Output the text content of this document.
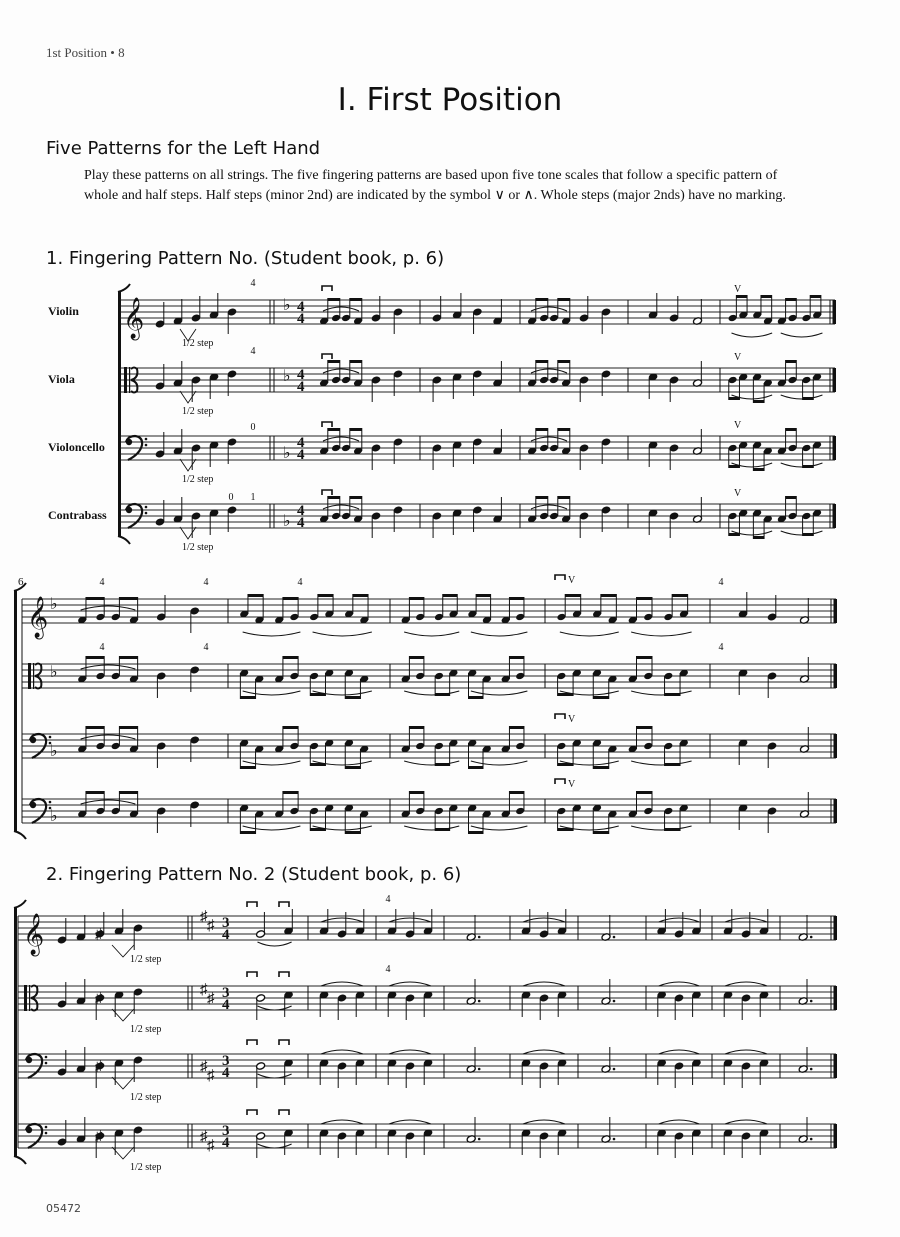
1st Position • 8
I. First Position
Five Patterns for the Left Hand
Play these patterns on all strings. The five fingering patterns are based upon five tone scales that follow a specific pattern of whole and half steps. Half steps (minor 2nd) are indicated by the symbol ∨ or ∧. Whole steps (major 2nds) have no marking.
1. Fingering Pattern No. (Student book, p. 6)
2. Fingering Pattern No. 2 (Student book, p. 6)
05472
Violin
Viola
Violoncello
Contrabass
𝄞
1/2 step
4
♭ 4
4
V
1/2 step
4
♭ 4
4
V
1/2 step
0
♭
4
4
V
1/2 step
0 1
♭
4
4
V
6
𝄞 ♭
4	4	4
4
♭
4	4	4
♭
♭
V
V
V
𝄞	♯
1/2 step
♯
♯ 3
4
4
♯
1/2 step
♯
♯ 3
4
4
♯
1/2 step
♯
♯
3
4
♯
1/2 step
♯
♯
3
4
